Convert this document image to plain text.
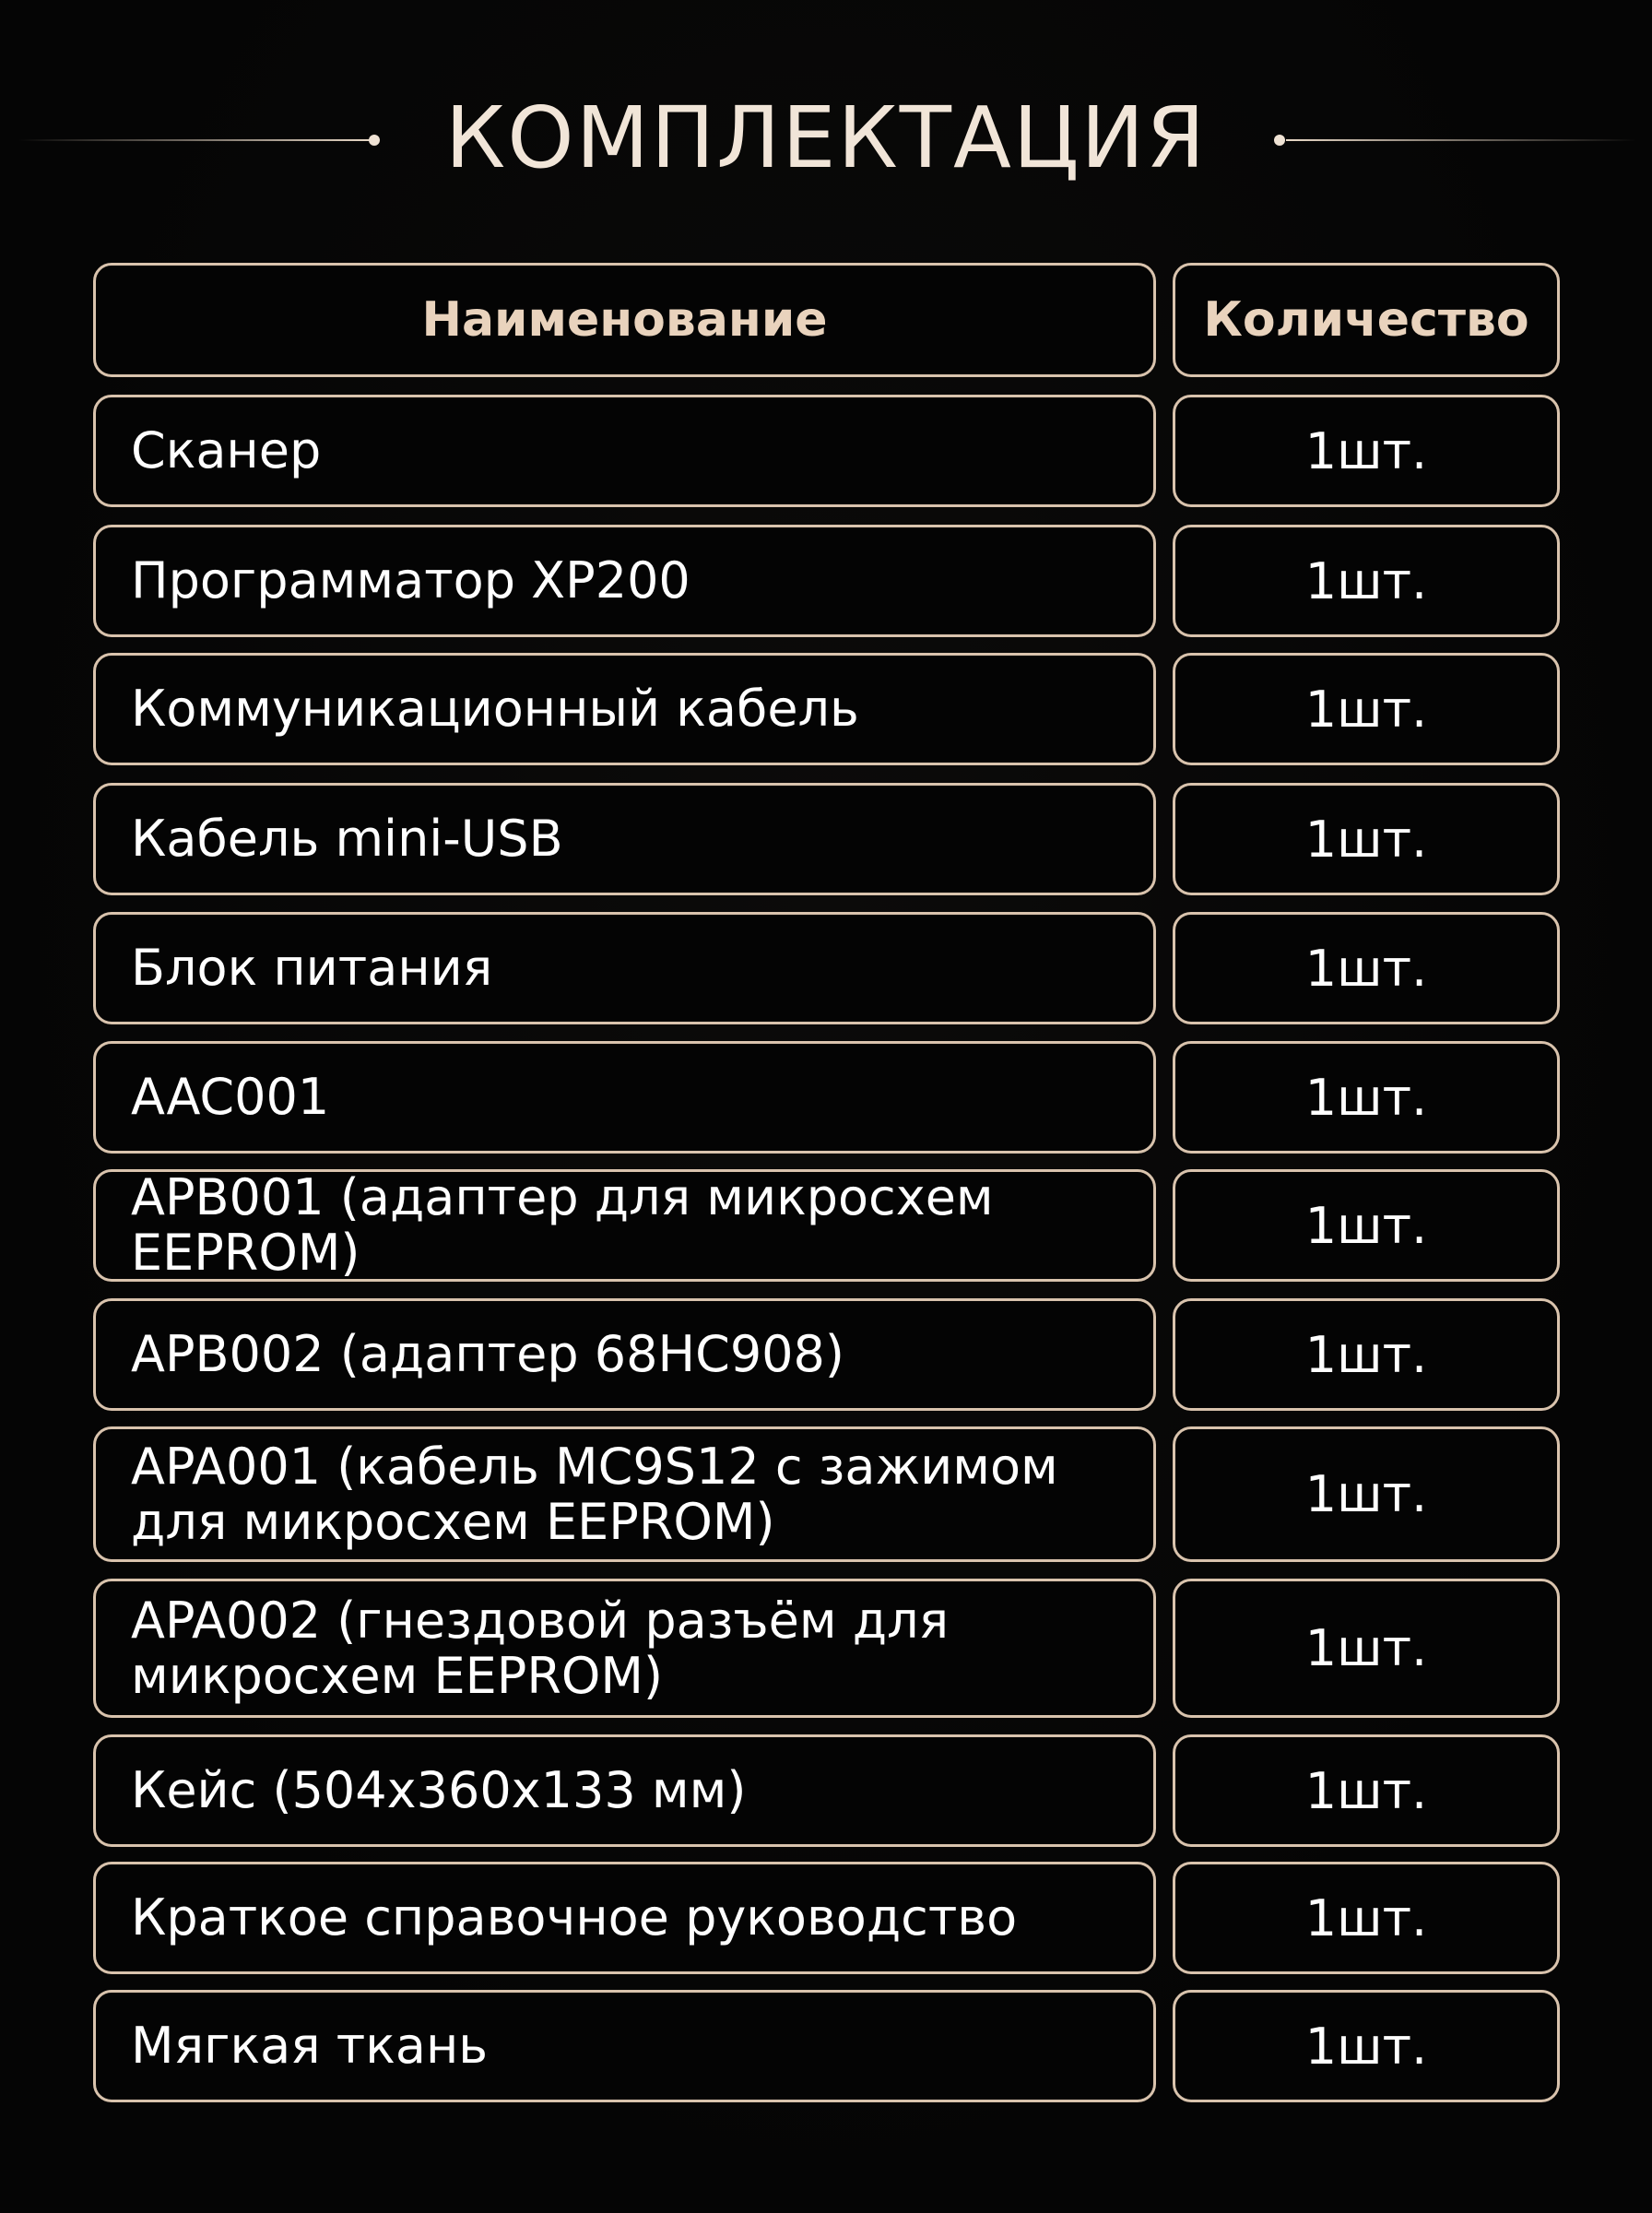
КОМПЛЕКТАЦИЯ
Наименование	Количество
Сканер	1шт.
Программатор XP200	1шт.
Коммуникационный кабель	1шт.
Кабель mini-USB	1шт.
Блок питания	1шт.
AAC001	1шт.
APB001 (адаптер для микросхем EEPROM)	1шт.
APB002 (адаптер 68HC908)	1шт.
APA001 (кабель MC9S12 с зажимом
для микросхем EEPROM)	1шт.
APA002 (гнездовой разъём для
микросхем EEPROM)	1шт.
Кейс (504х360х133 мм)	1шт.
Краткое справочное руководство	1шт.
Мягкая ткань	1шт.
